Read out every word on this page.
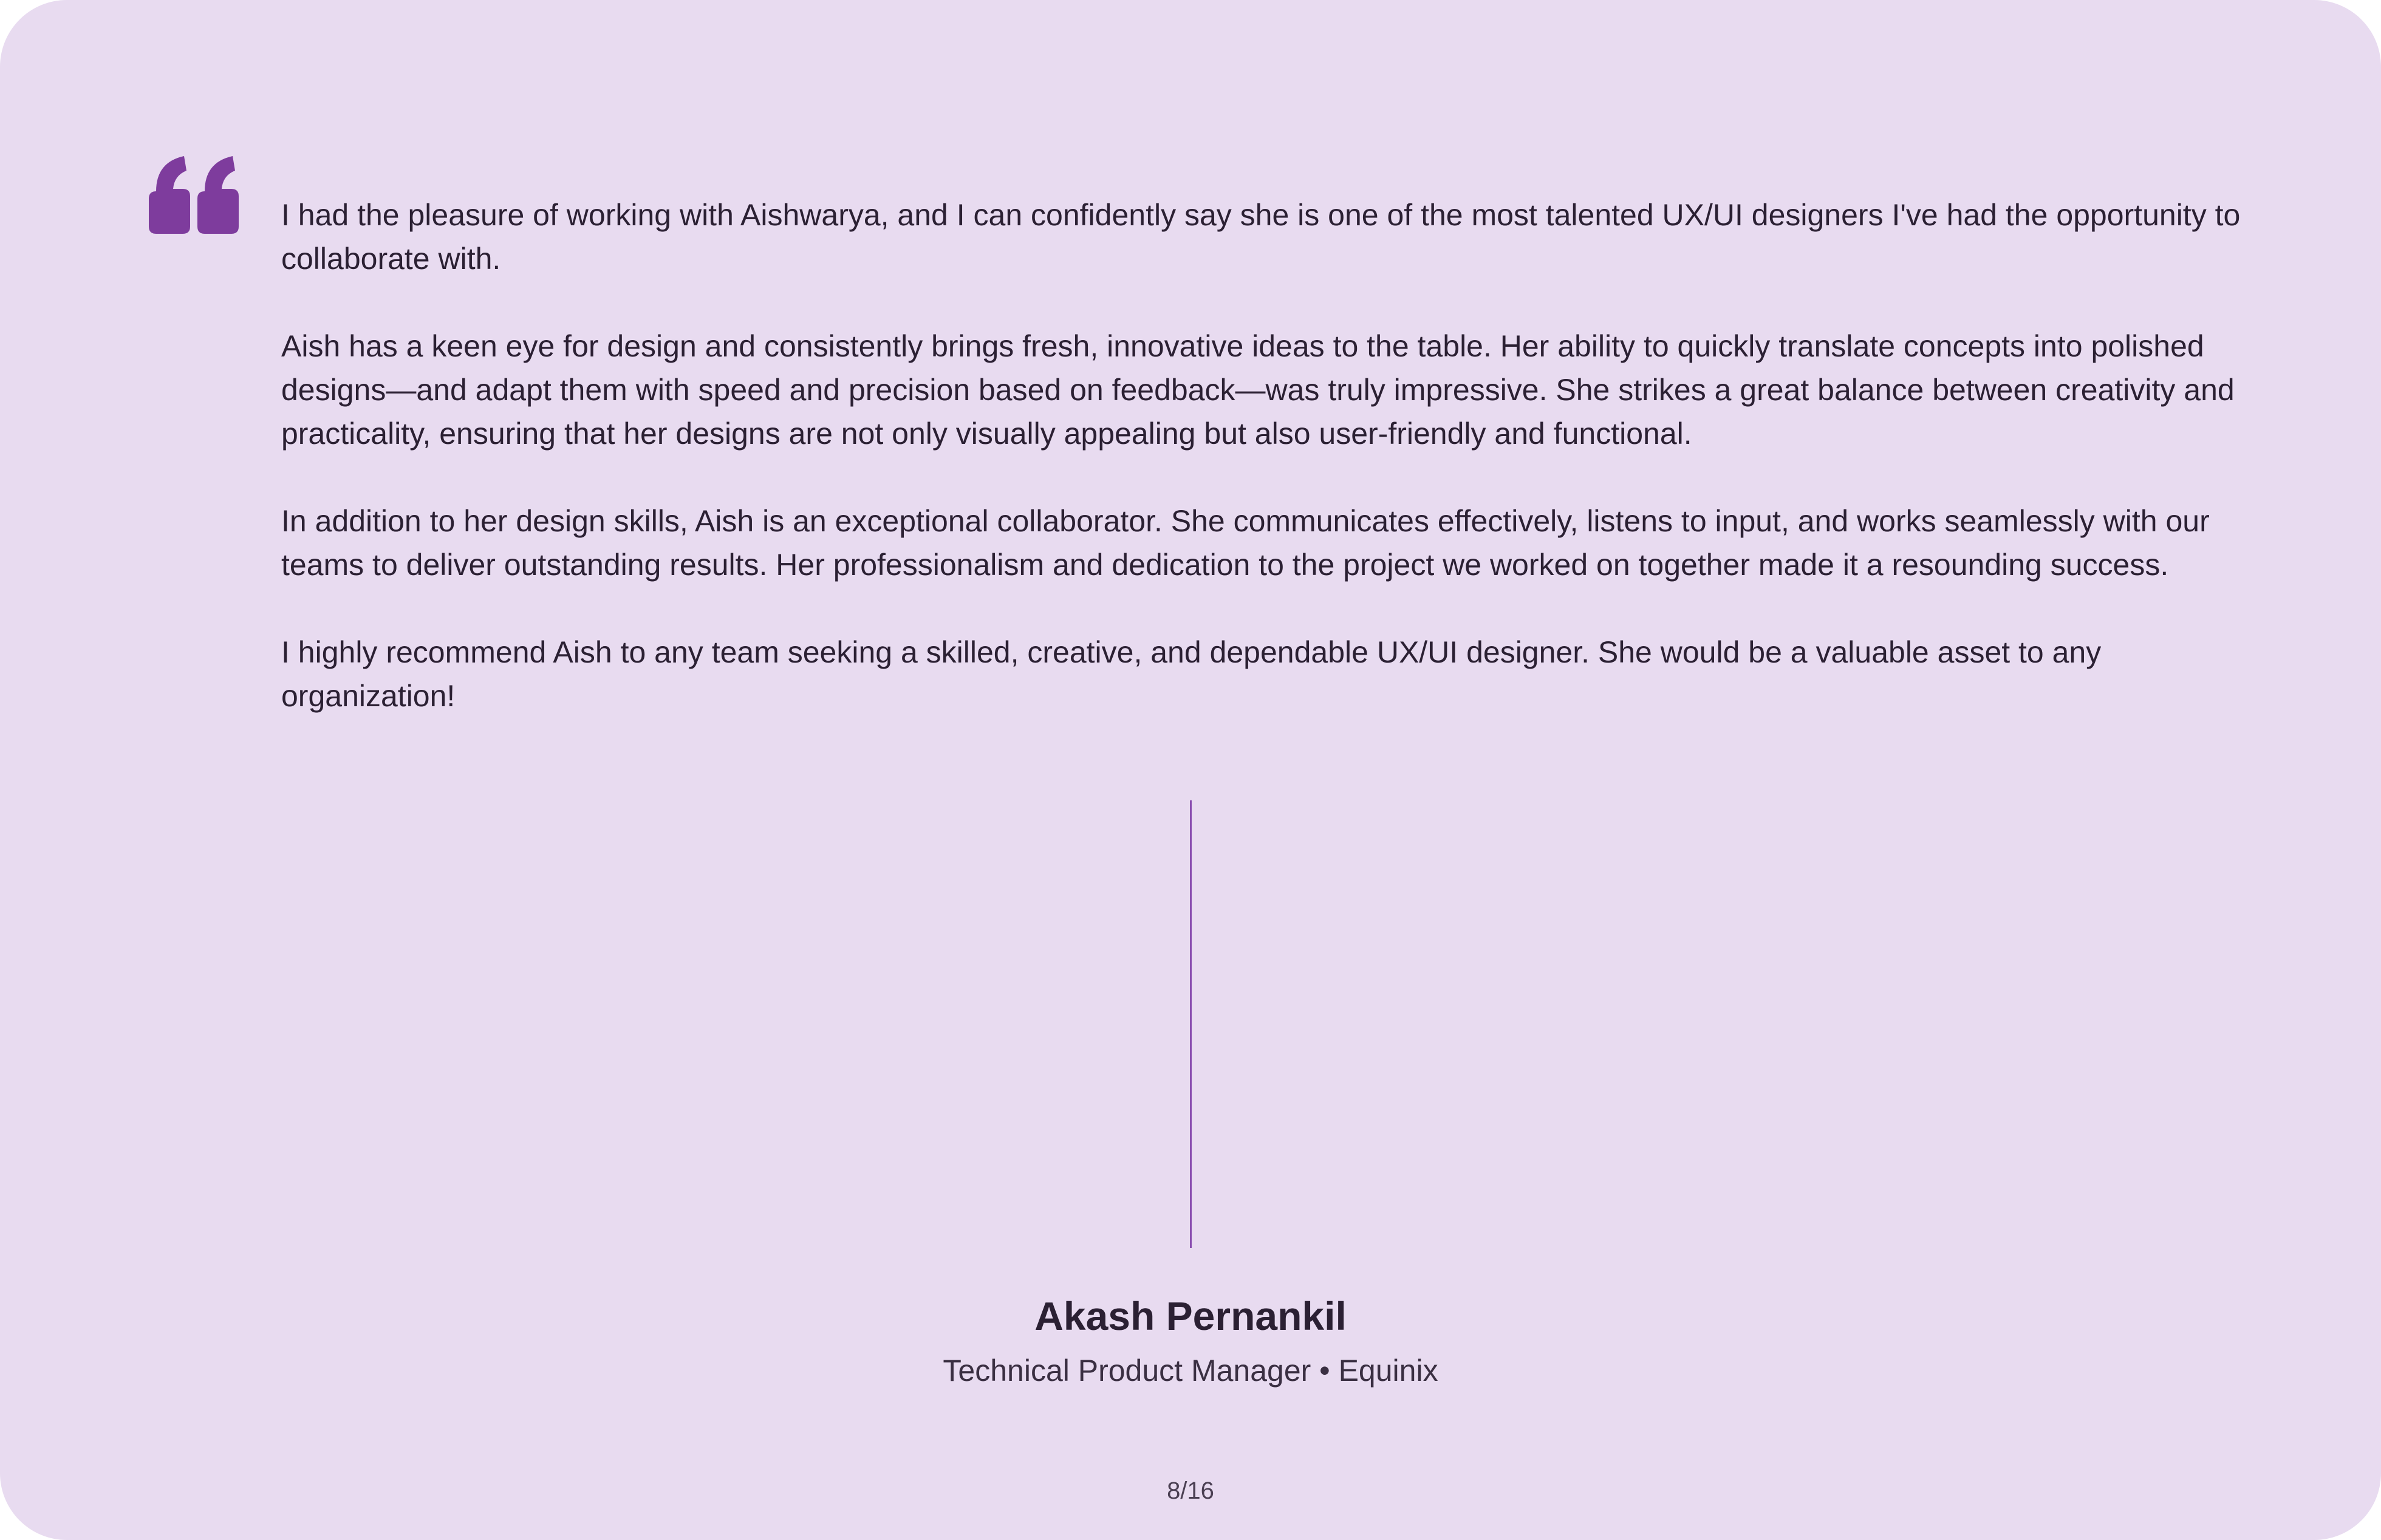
I had the pleasure of working with Aishwarya, and I can confidently say she is one of the most talented UX/UI designers I've had the opportunity to collaborate with.

Aish has a keen eye for design and consistently brings fresh, innovative ideas to the table. Her ability to quickly translate concepts into polished designs—and adapt them with speed and precision based on feedback—was truly impressive. She strikes a great balance between creativity and practicality, ensuring that her designs are not only visually appealing but also user-friendly and functional.

In addition to her design skills, Aish is an exceptional collaborator. She communicates effectively, listens to input, and works seamlessly with our teams to deliver outstanding results. Her professionalism and dedication to the project we worked on together made it a resounding success.

I highly recommend Aish to any team seeking a skilled, creative, and dependable UX/UI designer. She would be a valuable asset to any organization!

Akash Pernankil
Technical Product Manager • Equinix
8/16
